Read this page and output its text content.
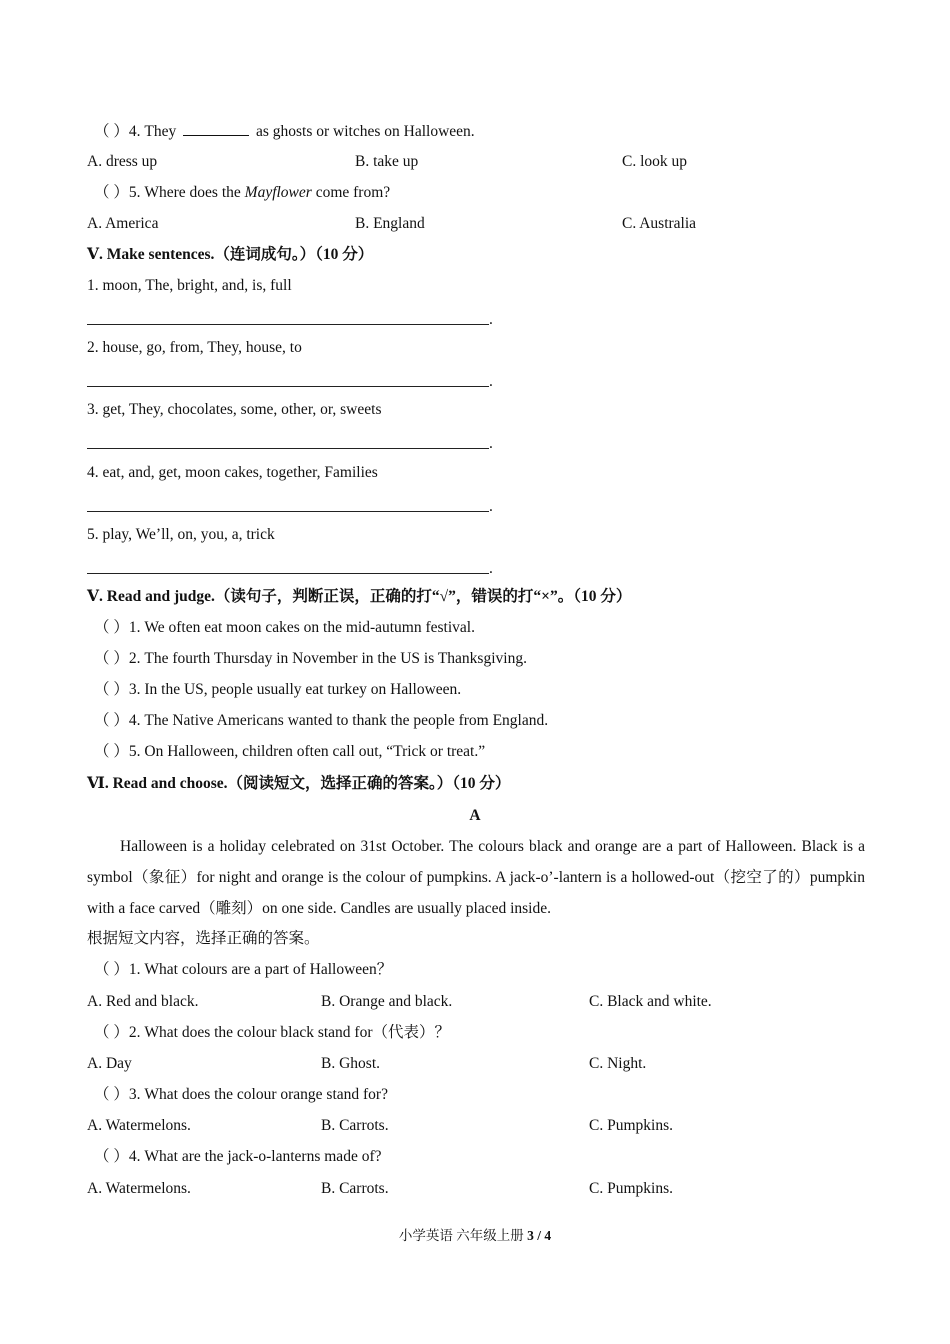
（ ）4. They	as ghosts or witches on Halloween.
A. dress up	B. take up	C. look up
（ ）5. Where does the Mayflower come from?
A. America	B. England	C. Australia
Ⅴ. Make sentences.（连词成句。）（10 分）
1. moon, The, bright, and, is, full
.
2. house, go, from, They, house, to
.
3. get, They, chocolates, some, other, or, sweets
.
4. eat, and, get, moon cakes, together, Families
.
5. play, We’ll, on, you, a, trick
.
Ⅴ. Read and judge.（读句子，判断正误，正确的打“√”，错误的打“×”。（10 分）
（ ）1. We often eat moon cakes on the mid-autumn festival.
（ ）2. The fourth Thursday in November in the US is Thanksgiving.
（ ）3. In the US, people usually eat turkey on Halloween.
（ ）4. The Native Americans wanted to thank the people from England.
（ ）5. On Halloween, children often call out, “Trick or treat.”
Ⅵ. Read and choose.（阅读短文，选择正确的答案。）（10 分）
A

Halloween is a holiday celebrated on 31st October. The colours black and orange are a part of Halloween. Black is a symbol（象征）for night and orange is the colour of pumpkins. A jack-o’-lantern is a hollowed-out（挖空了的）pumpkin with a face carved（雕刻）on one side. Candles are usually placed inside.

根据短文内容，选择正确的答案。
（ ）1. What colours are a part of Halloween？
A. Red and black.	B. Orange and black.	C. Black and white.
（ ）2. What does the colour black stand for（代表）？
A. Day	B. Ghost.	C. Night.
（ ）3. What does the colour orange stand for?
A. Watermelons.	B. Carrots.	C. Pumpkins.
（ ）4. What are the jack-o-lanterns made of?
A. Watermelons.	B. Carrots.	C. Pumpkins.
小学英语 六年级上册 3 / 4
